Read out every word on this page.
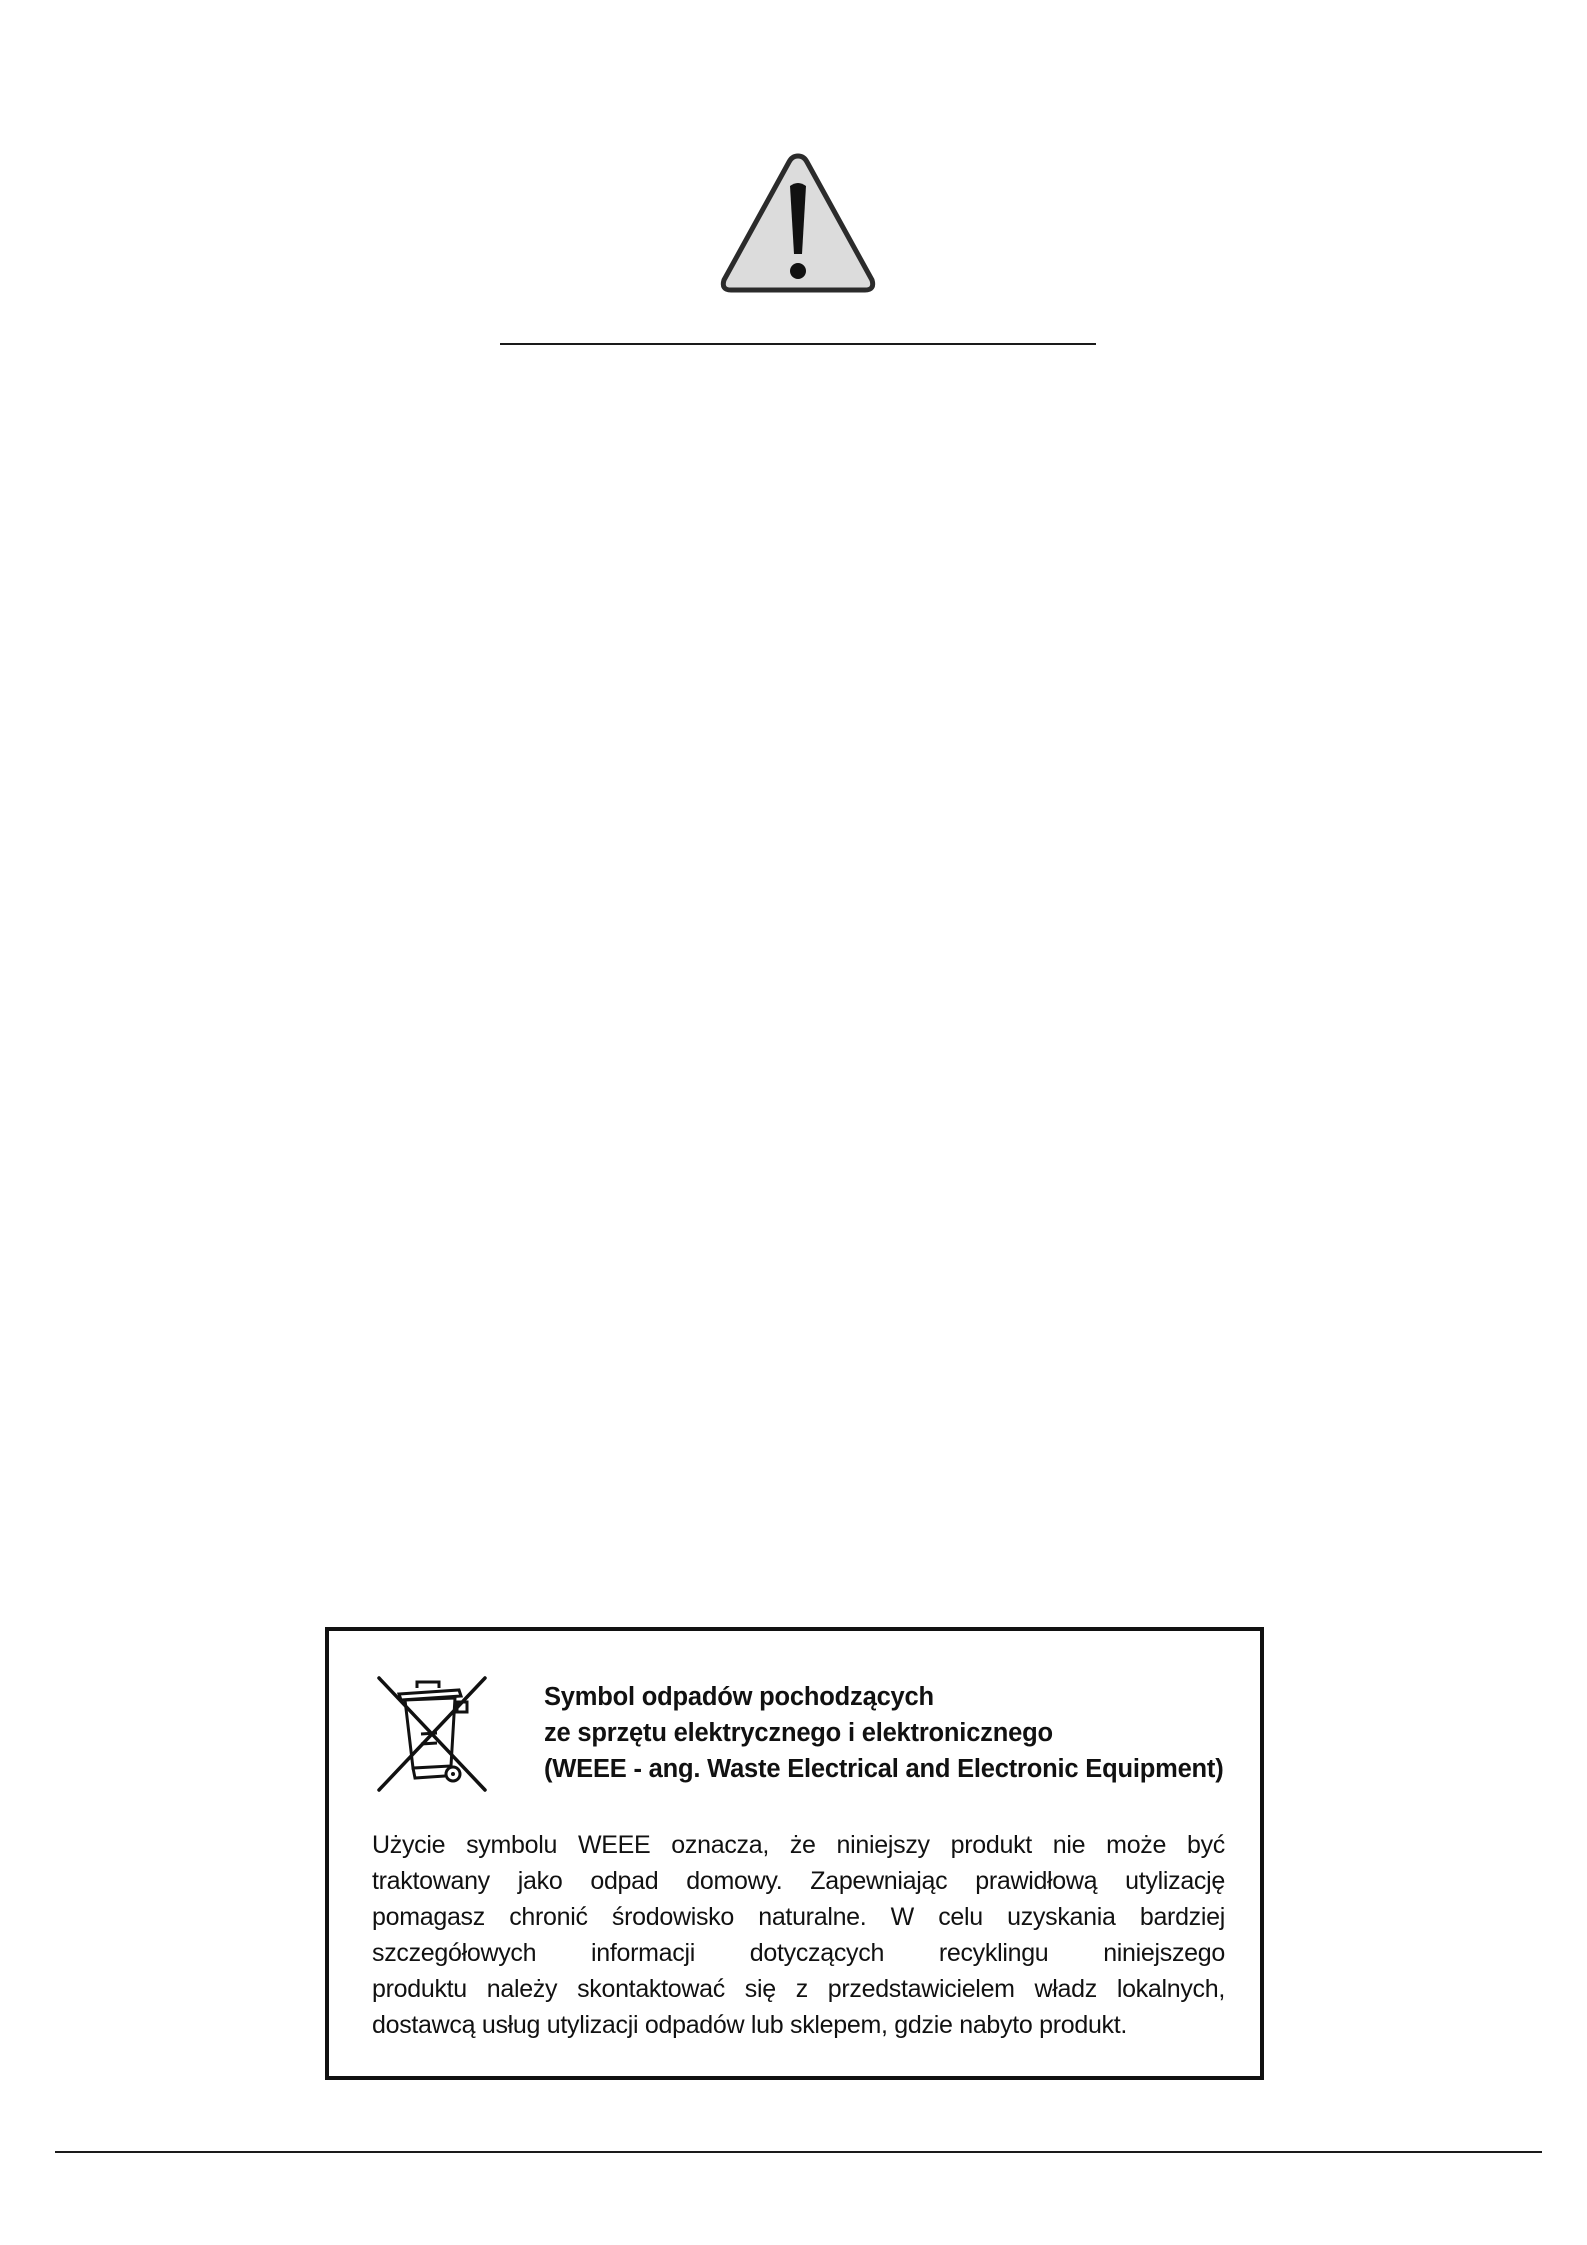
Symbol odpadów pochodzących
ze sprzętu elektrycznego i elektronicznego
(WEEE - ang. Waste Electrical and Electronic Equipment)
Użycie symbolu WEEE oznacza, że niniejszy produkt nie może być
traktowany jako odpad domowy. Zapewniając prawidłową utylizację
pomagasz chronić środowisko naturalne. W celu uzyskania bardziej
szczegółowych informacji dotyczących recyklingu niniejszego
produktu należy skontaktować się z przedstawicielem władz lokalnych,
dostawcą usług utylizacji odpadów lub sklepem, gdzie nabyto produkt.
